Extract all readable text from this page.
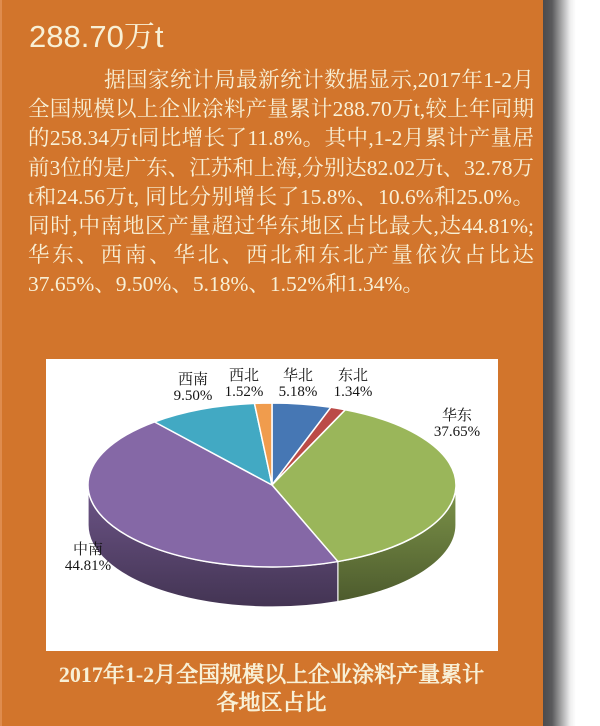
288.70万t
据国家统计局最新统计数据显示,2017年1-2月全国规模以上企业涂料产量累计288.70万t,较上年同期的258.34万t同比增长了11.8%。其中,1-2月累计产量居前3位的是广东、江苏和上海,分别达82.02万t、32.78万t和24.56万t, 同比分别增长了15.8%、10.6%和25.0%。同时,中南地区产量超过华东地区占比最大,达44.81%; 华东、西南、华北、西北和东北产量依次占比达37.65%、9.50%、5.18%、1.52%和1.34%。
西南
9.50%
西北
1.52%
华北
5.18%
东北
1.34%
华东
37.65%
中南
44.81%
2017年1-2月全国规模以上企业涂料产量累计
各地区占比
